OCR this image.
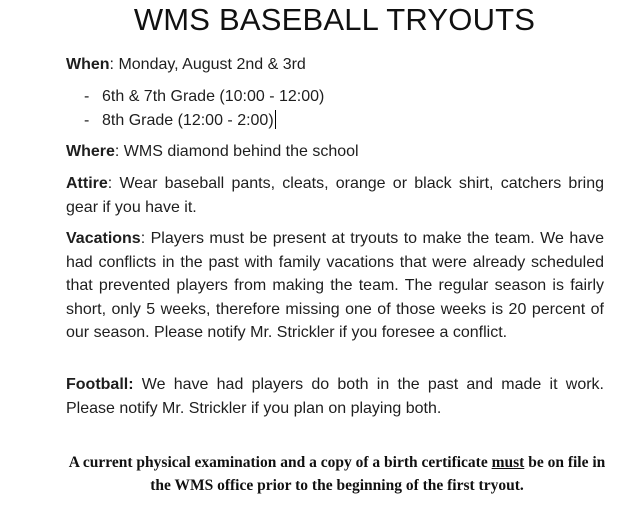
WMS BASEBALL TRYOUTS
When: Monday, August 2nd & 3rd
- 6th & 7th Grade (10:00 - 12:00)
- 8th Grade (12:00 - 2:00)
Where: WMS diamond behind the school
Attire: Wear baseball pants, cleats, orange or black shirt, catchers bring gear if you have it.
Vacations: Players must be present at tryouts to make the team. We have had conflicts in the past with family vacations that were already scheduled that prevented players from making the team. The regular season is fairly short, only 5 weeks, therefore missing one of those weeks is 20 percent of our season. Please notify Mr. Strickler if you foresee a conflict.
Football: We have had players do both in the past and made it work. Please notify Mr. Strickler if you plan on playing both.
A current physical examination and a copy of a birth certificate must be on file in the WMS office prior to the beginning of the first tryout.
